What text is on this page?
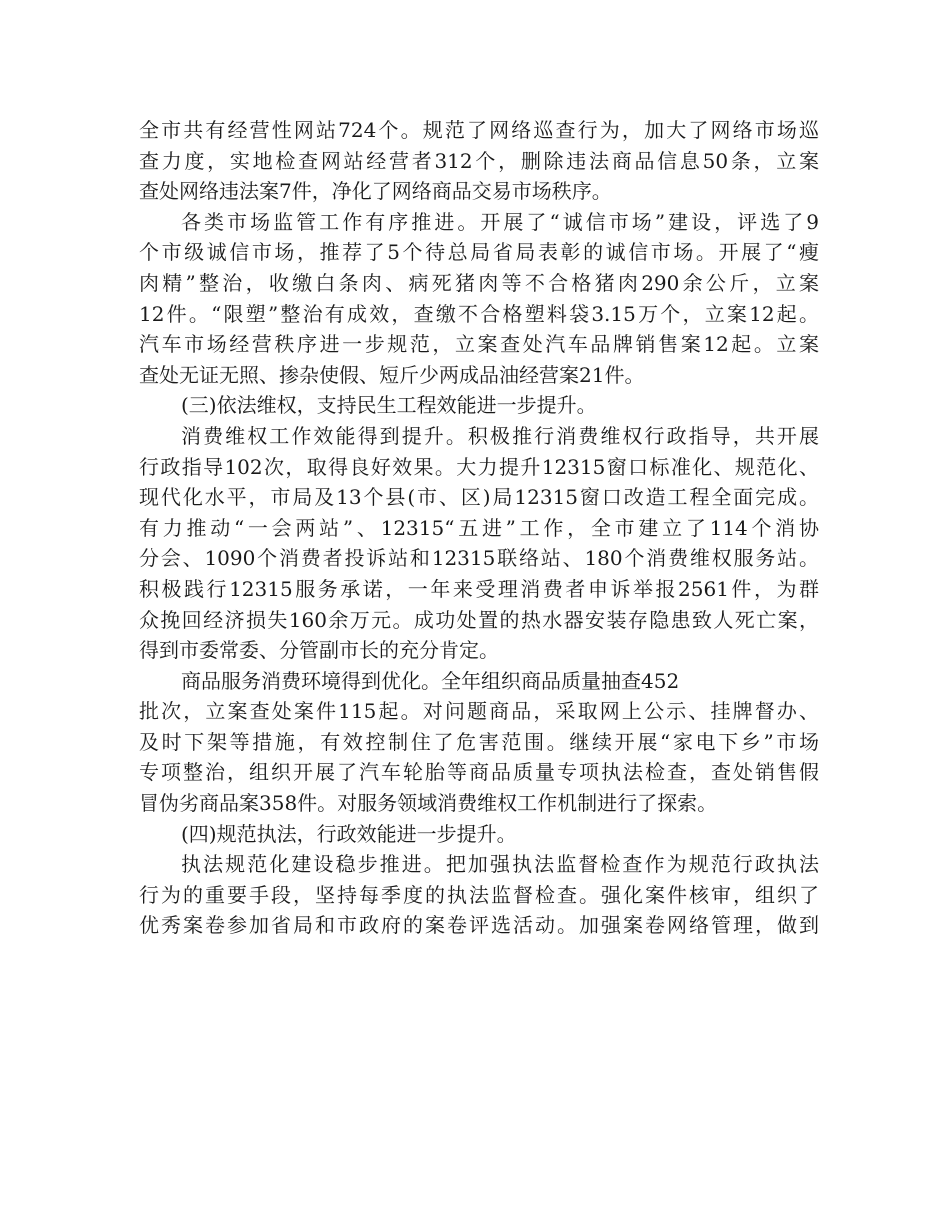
全市共有经营性网站724个。规范了网络巡查行为，加大了网络市场巡
查力度，实地检查网站经营者312个，删除违法商品信息50条，立案
查处网络违法案7件，净化了网络商品交易市场秩序。
各类市场监管工作有序推进。开展了“诚信市场”建设，评选了9
个市级诚信市场，推荐了5个待总局省局表彰的诚信市场。开展了“瘦
肉精”整治，收缴白条肉、病死猪肉等不合格猪肉290余公斤，立案
12件。“限塑”整治有成效，查缴不合格塑料袋3.15万个，立案12起。
汽车市场经营秩序进一步规范，立案查处汽车品牌销售案12起。立案
查处无证无照、掺杂使假、短斤少两成品油经营案21件。
(三)依法维权，支持民生工程效能进一步提升。
消费维权工作效能得到提升。积极推行消费维权行政指导，共开展
行政指导102次，取得良好效果。大力提升12315窗口标准化、规范化、
现代化水平，市局及13个县(市、区)局12315窗口改造工程全面完成。
有力推动“一会两站”、12315“五进”工作，全市建立了114个消协
分会、1090个消费者投诉站和12315联络站、180个消费维权服务站。
积极践行12315服务承诺，一年来受理消费者申诉举报2561件，为群
众挽回经济损失160余万元。成功处置的热水器安装存隐患致人死亡案，
得到市委常委、分管副市长的充分肯定。
商品服务消费环境得到优化。全年组织商品质量抽查452
批次，立案查处案件115起。对问题商品，采取网上公示、挂牌督办、
及时下架等措施，有效控制住了危害范围。继续开展“家电下乡”市场
专项整治，组织开展了汽车轮胎等商品质量专项执法检查，查处销售假
冒伪劣商品案358件。对服务领域消费维权工作机制进行了探索。
(四)规范执法，行政效能进一步提升。
执法规范化建设稳步推进。把加强执法监督检查作为规范行政执法
行为的重要手段，坚持每季度的执法监督检查。强化案件核审，组织了
优秀案卷参加省局和市政府的案卷评选活动。加强案卷网络管理，做到
